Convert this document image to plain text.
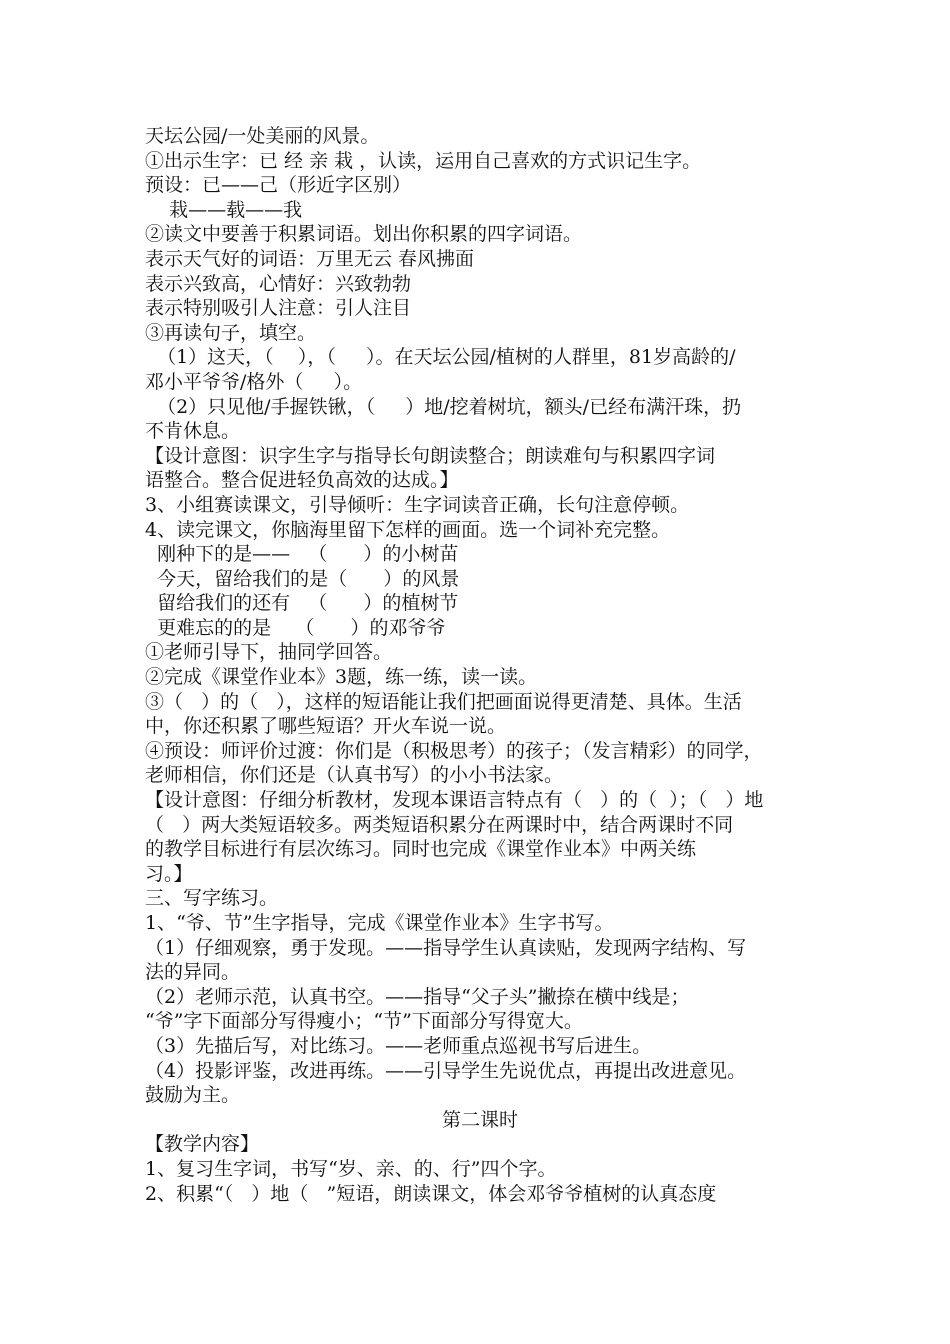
天坛公园/一处美丽的风景。

①出示生字：已 经 亲 栽 ，认读，运用自己喜欢的方式识记生字。

预设：已——己（形近字区别）

栽——载——我

②读文中要善于积累词语。划出你积累的四字词语。

表示天气好的词语：万里无云 春风拂面

表示兴致高，心情好：兴致勃勃

表示特别吸引人注意：引人注目

③再读句子，填空。

（1）这天，（    ），（     ）。在天坛公园/植树的人群里，81岁高龄的/

邓小平爷爷/格外（     ）。

（2）只见他/手握铁锹，（     ）地/挖着树坑，额头/已经布满汗珠，扔

不肯休息。

【设计意图：识字生字与指导长句朗读整合；朗读难句与积累四字词

语整合。整合促进轻负高效的达成。】

3、小组赛读课文，引导倾听：生字词读音正确，长句注意停顿。

4、读完课文，你脑海里留下怎样的画面。选一个词补充完整。

刚种下的是——   （      ）的小树苗

今天，留给我们的是（      ）的风景

留给我们的还有   （      ）的植树节

更难忘的的是    （      ）的邓爷爷

①老师引导下，抽同学回答。

②完成《课堂作业本》3题，练一练，读一读。

③（   ）的（   ），这样的短语能让我们把画面说得更清楚、具体。生活

中，你还积累了哪些短语？开火车说一说。

④预设：师评价过渡：你们是（积极思考）的孩子；（发言精彩）的同学，

老师相信，你们还是（认真书写）的小小书法家。

【设计意图：仔细分析教材，发现本课语言特点有（   ）的（  ）；（   ）地

（   ）两大类短语较多。两类短语积累分在两课时中，结合两课时不同

的教学目标进行有层次练习。同时也完成《课堂作业本》中两关练

习。】

三、写字练习。

1、“爷、节”生字指导，完成《课堂作业本》生字书写。

（1）仔细观察，勇于发现。——指导学生认真读贴，发现两字结构、写

法的异同。

（2）老师示范，认真书空。——指导“父子头”撇捺在横中线是；

“爷”字下面部分写得瘦小；“节”下面部分写得宽大。

（3）先描后写，对比练习。——老师重点巡视书写后进生。

（4）投影评鉴，改进再练。——引导学生先说优点，再提出改进意见。

鼓励为主。

第二课时

【教学内容】

1、复习生字词，书写“岁、亲、的、行”四个字。

2、积累“（   ）地（   ”短语，朗读课文，体会邓爷爷植树的认真态度
